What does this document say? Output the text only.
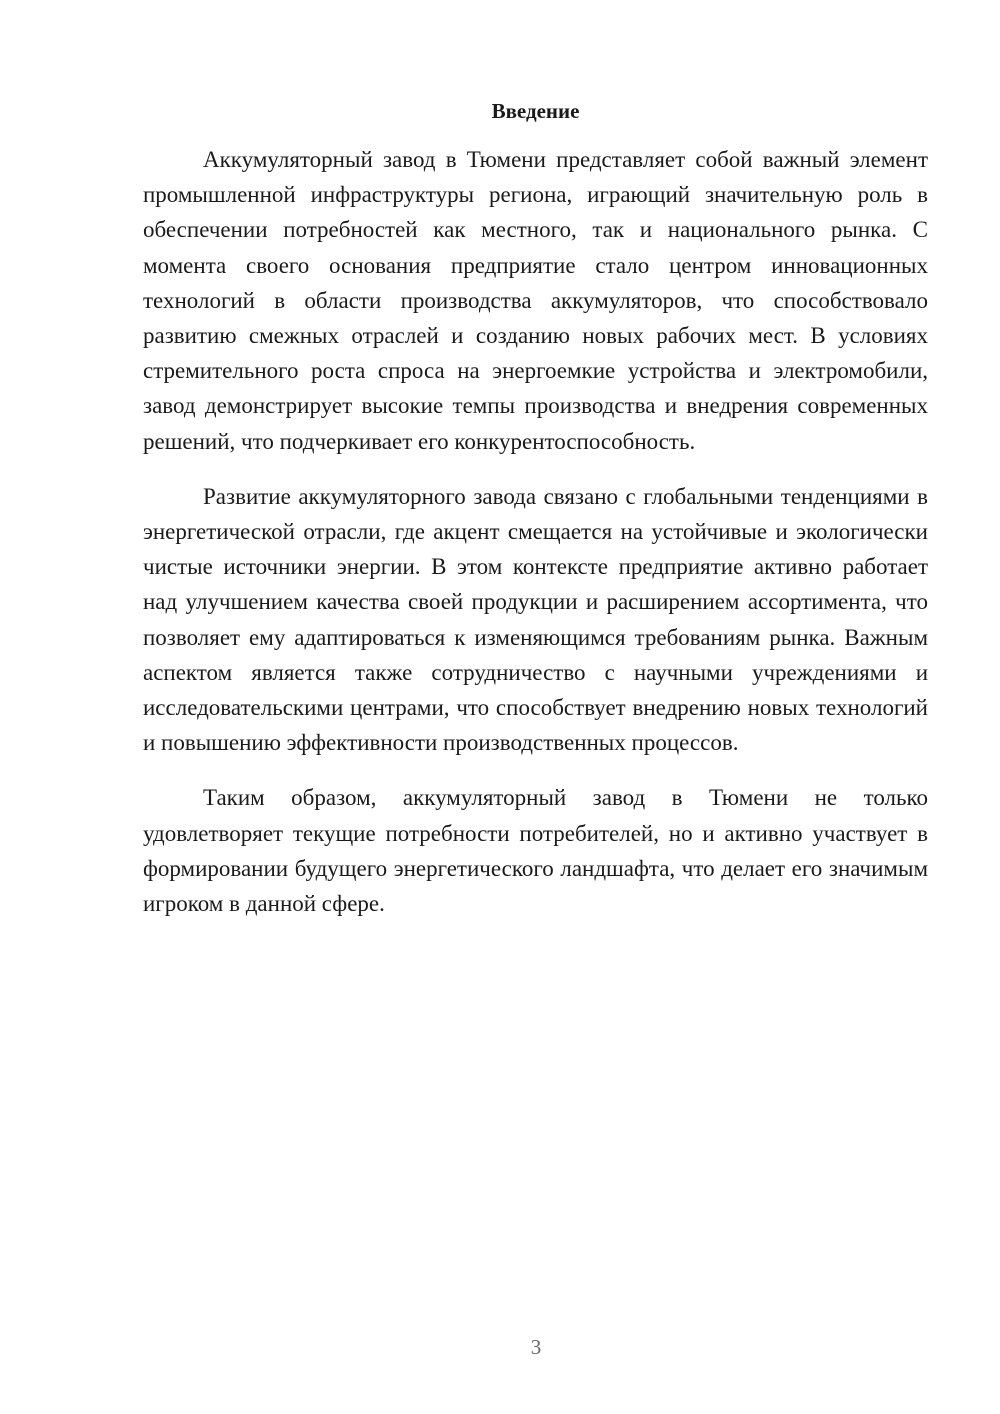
Введение

Аккумуляторный завод в Тюмени представляет собой важный элемент промышленной инфраструктуры региона, играющий значительную роль в обеспечении потребностей как местного, так и национального рынка. С момента своего основания предприятие стало центром инновационных технологий в области производства аккумуляторов, что способствовало развитию смежных отраслей и созданию новых рабочих мест. В условиях стремительного роста спроса на энергоемкие устройства и электромобили, завод демонстрирует высокие темпы производства и внедрения современных решений, что подчеркивает его конкурентоспособность.

Развитие аккумуляторного завода связано с глобальными тенденциями в энергетической отрасли, где акцент смещается на устойчивые и экологически чистые источники энергии. В этом контексте предприятие активно работает над улучшением качества своей продукции и расширением ассортимента, что позволяет ему адаптироваться к изменяющимся требованиям рынка. Важным аспектом является также сотрудничество с научными учреждениями и исследовательскими центрами, что способствует внедрению новых технологий и повышению эффективности производственных процессов.

Таким образом, аккумуляторный завод в Тюмени не только удовлетворяет текущие потребности потребителей, но и активно участвует в формировании будущего энергетического ландшафта, что делает его значимым игроком в данной сфере.

3
